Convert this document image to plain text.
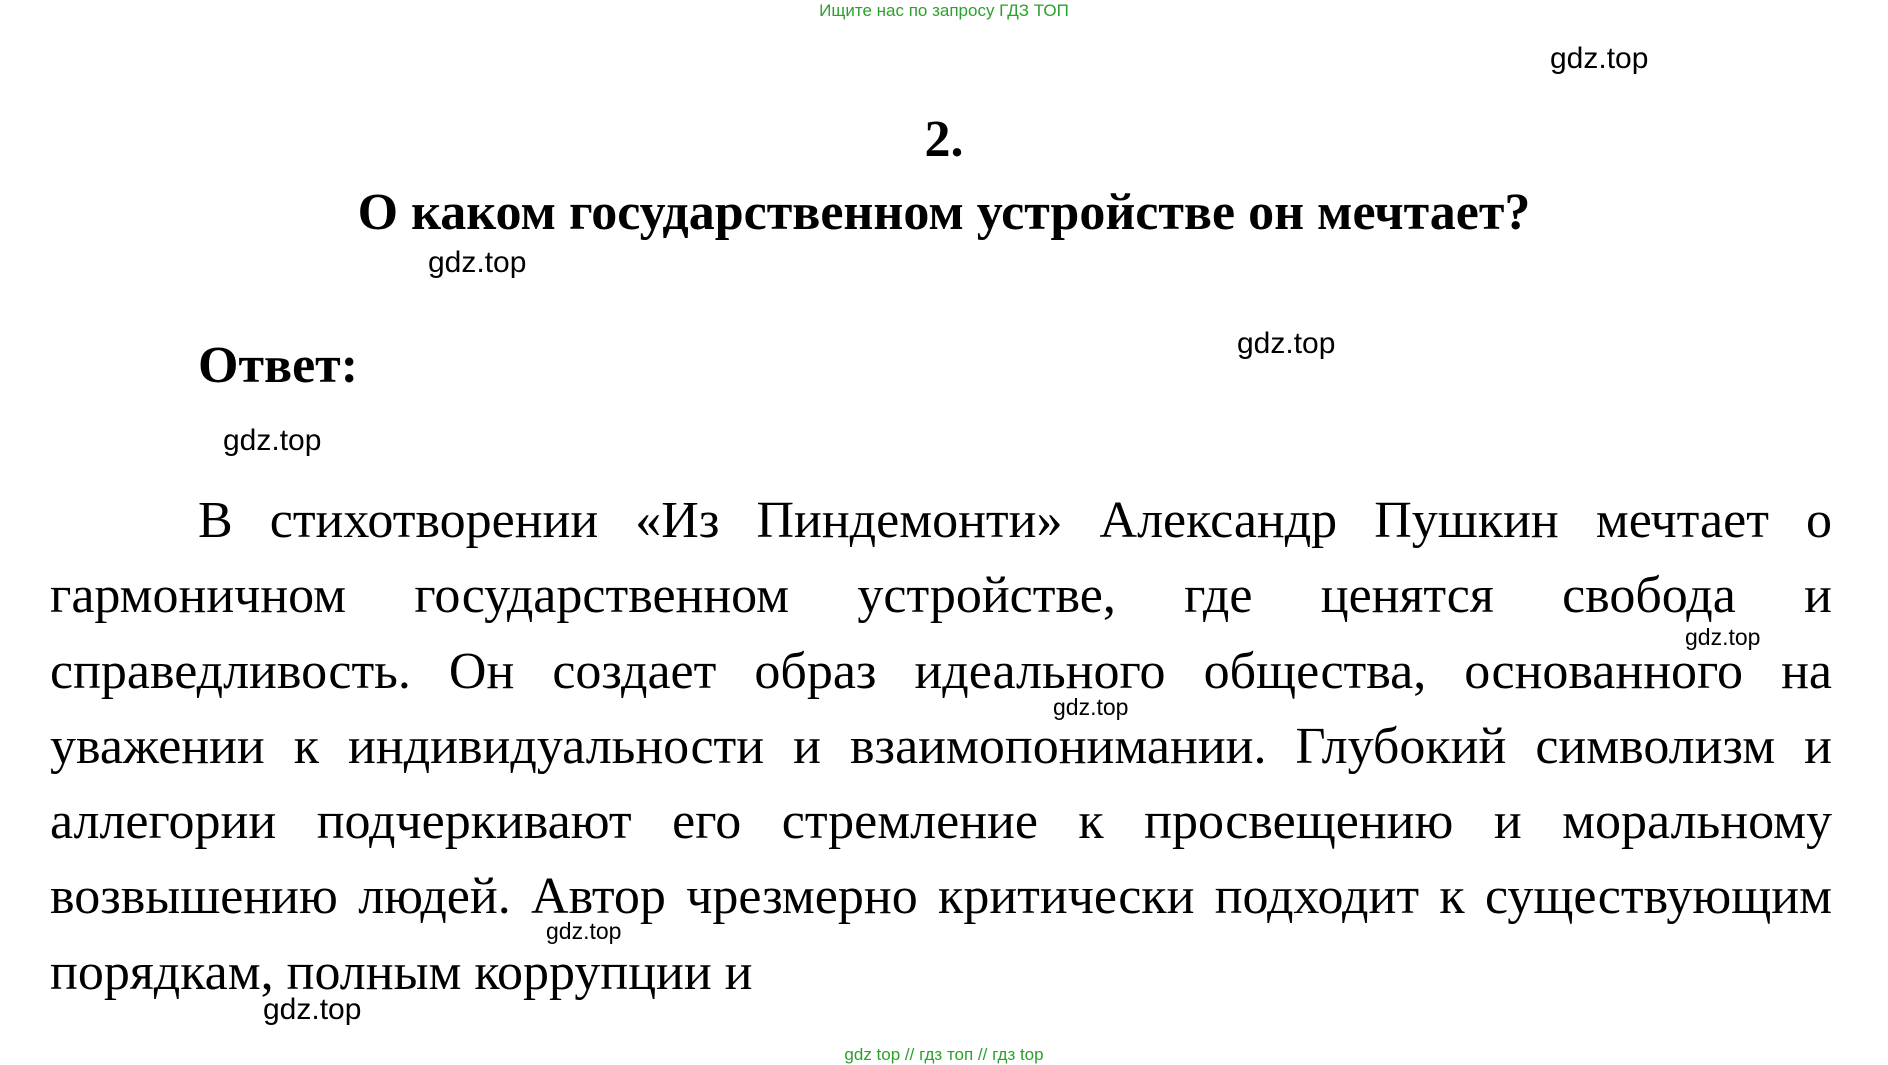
Ищите нас по запросу ГДЗ ТОП
2.
О каком государственном устройстве он мечтает?
Ответ:

В стихотворении «Из Пиндемонти» Александр Пушкин мечтает о гармоничном государственном устройстве, где ценятся свобода и справедливость. Он создает образ идеального общества, основанного на уважении к индивидуальности и взаимопонимании. Глубокий символизм и аллегории подчеркивают его стремление к просвещению и моральному возвышению людей. Автор чрезмерно критически подходит к существующим порядкам, полным коррупции и

gdz.top
gdz.top
gdz.top
gdz.top
gdz.top
gdz.top
gdz.top
gdz.top
gdz top // гдз топ // гдз top
